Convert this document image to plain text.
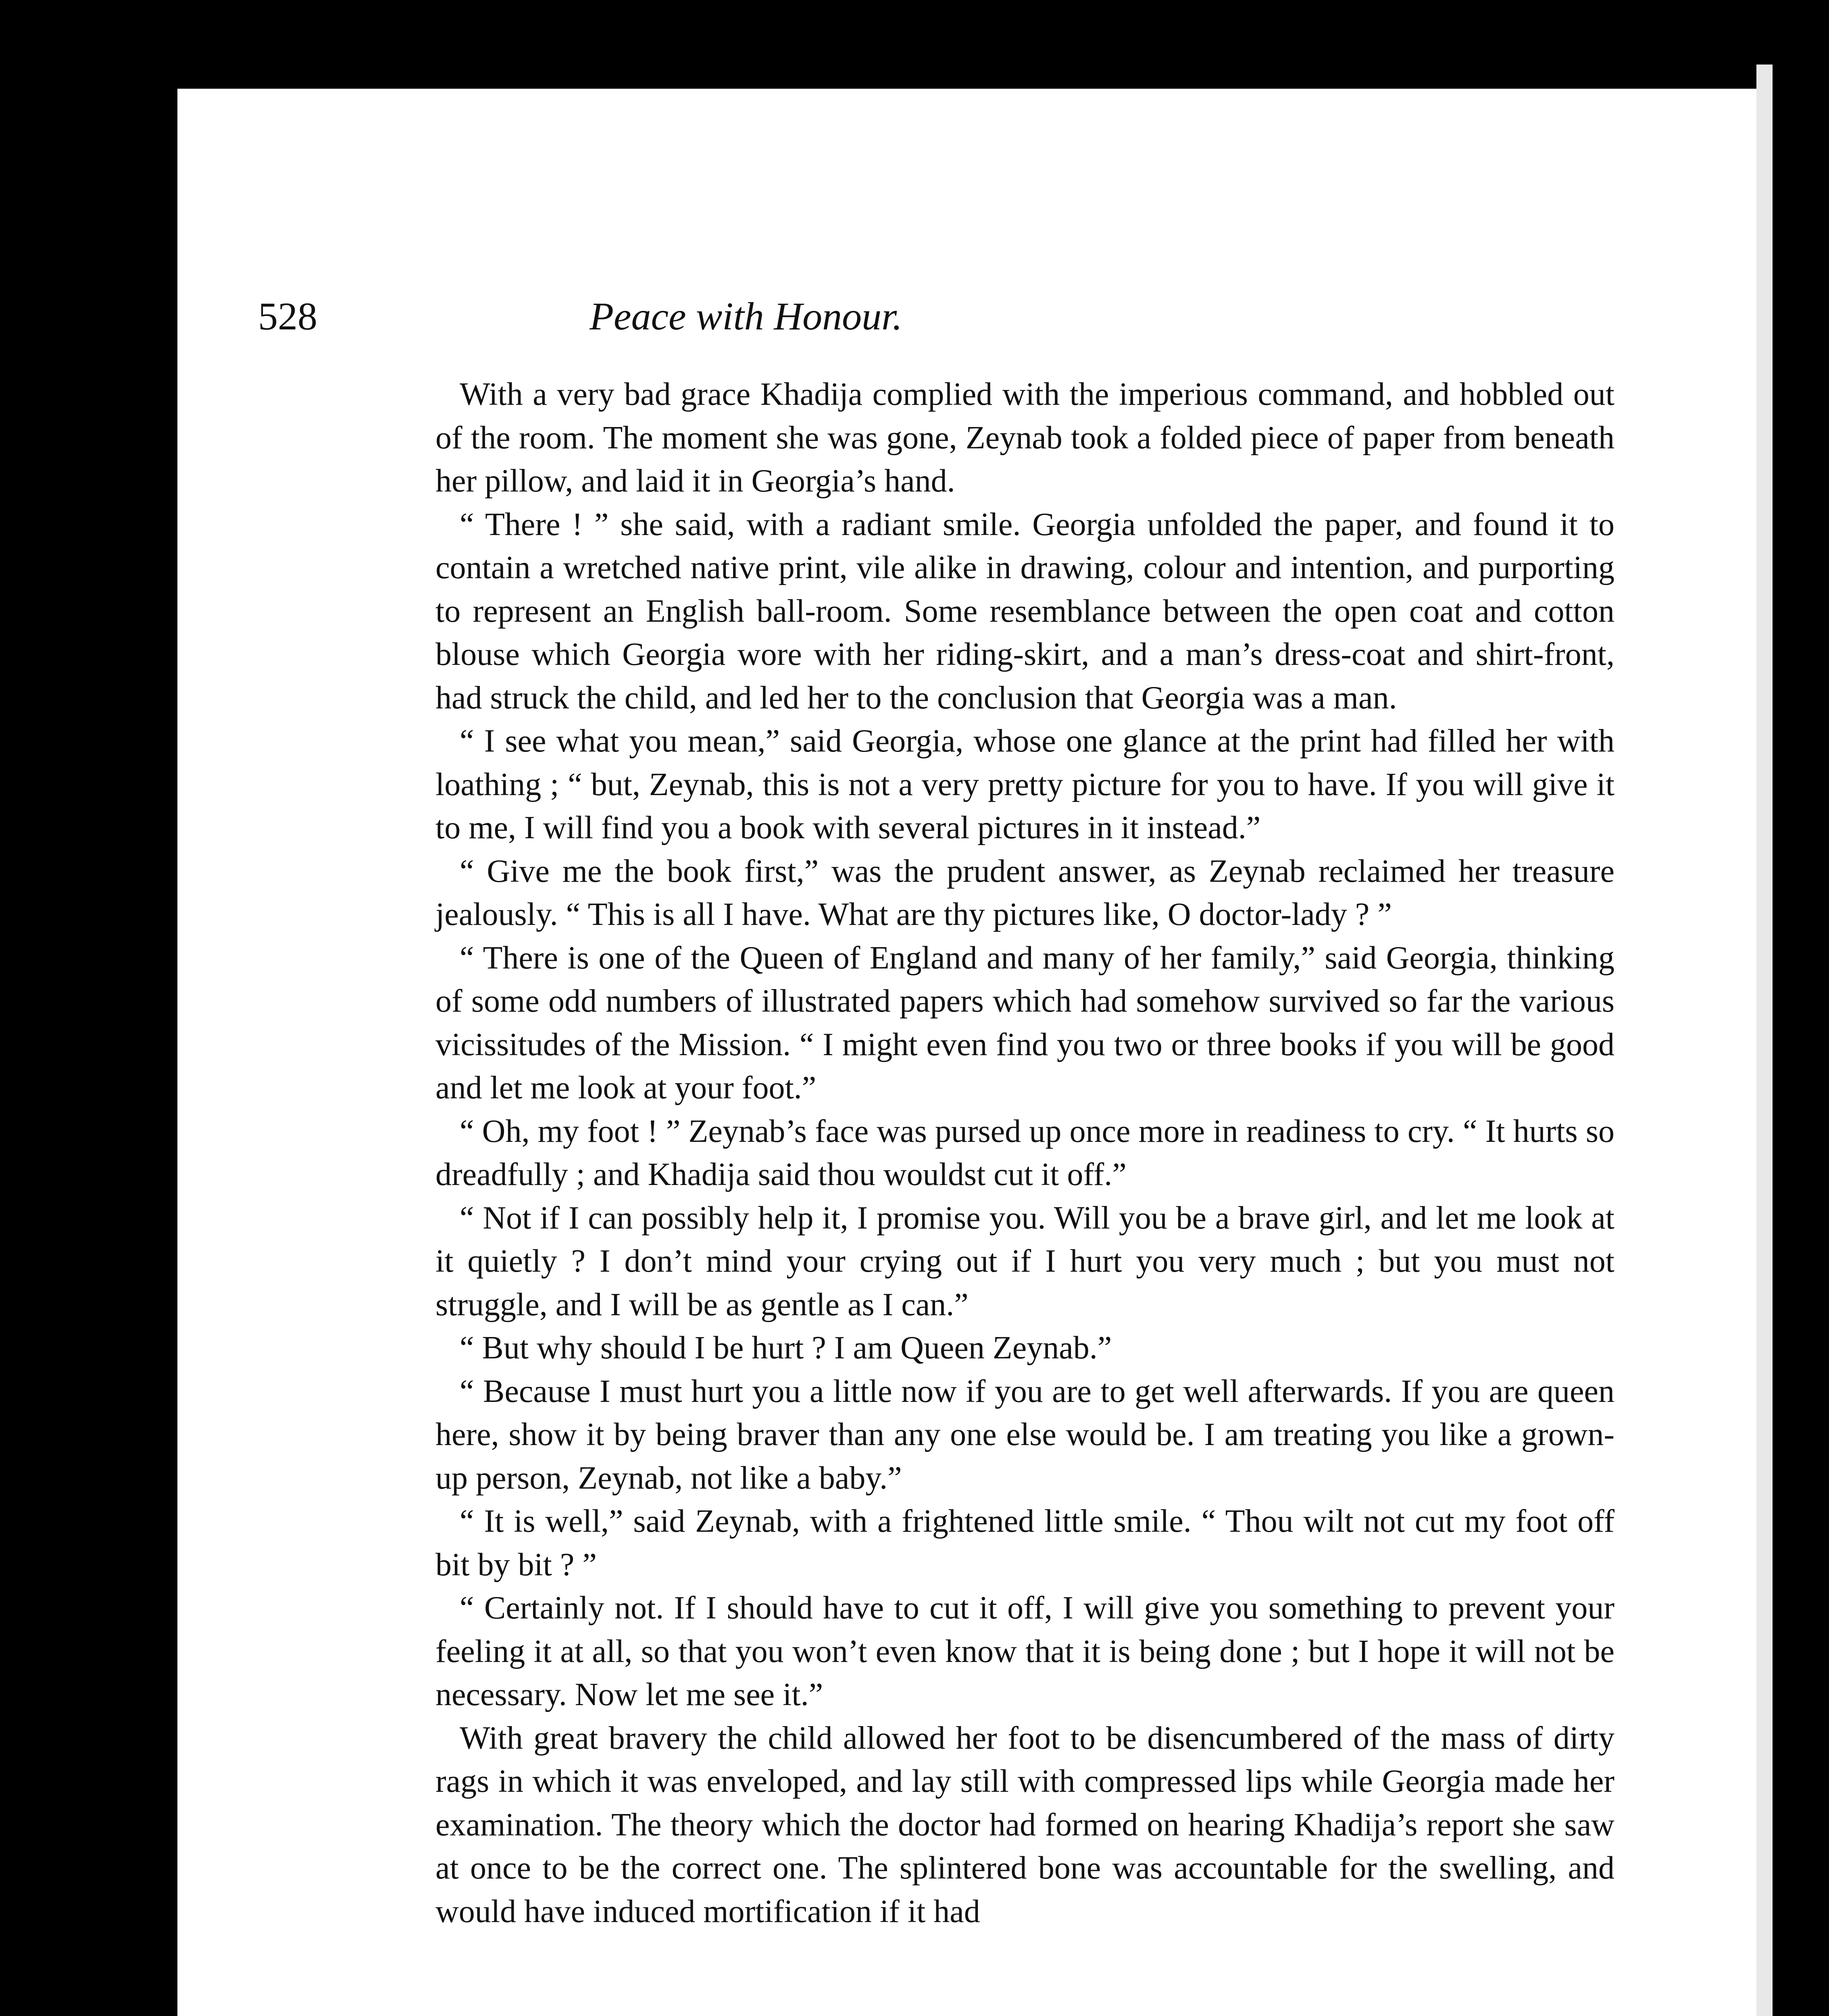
528	Peace with Honour.

With a very bad grace Khadija complied with the imperious command, and hobbled out of the room. The moment she was gone, Zeynab took a folded piece of paper from beneath her pillow, and laid it in Georgia’s hand.

“ There ! ” she said, with a radiant smile. Georgia unfolded the paper, and found it to contain a wretched native print, vile alike in drawing, colour and intention, and purporting to represent an English ball-room. Some resemblance between the open coat and cotton blouse which Georgia wore with her riding-skirt, and a man’s dress-coat and shirt-front, had struck the child, and led her to the conclusion that Georgia was a man.

“ I see what you mean,” said Georgia, whose one glance at the print had filled her with loathing ; “ but, Zeynab, this is not a very pretty picture for you to have. If you will give it to me, I will find you a book with several pictures in it instead.”

“ Give me the book first,” was the prudent answer, as Zeynab reclaimed her treasure jealously. “ This is all I have. What are thy pictures like, O doctor-lady ? ”

“ There is one of the Queen of England and many of her family,” said Georgia, thinking of some odd numbers of illustrated papers which had somehow survived so far the various vicissitudes of the Mission. “ I might even find you two or three books if you will be good and let me look at your foot.”

“ Oh, my foot ! ” Zeynab’s face was pursed up once more in readiness to cry. “ It hurts so dreadfully ; and Khadija said thou wouldst cut it off.”

“ Not if I can possibly help it, I promise you. Will you be a brave girl, and let me look at it quietly ? I don’t mind your crying out if I hurt you very much ; but you must not struggle, and I will be as gentle as I can.”

“ But why should I be hurt ? I am Queen Zeynab.”

“ Because I must hurt you a little now if you are to get well afterwards. If you are queen here, show it by being braver than any one else would be. I am treating you like a grown-up person, Zeynab, not like a baby.”

“ It is well,” said Zeynab, with a frightened little smile. “ Thou wilt not cut my foot off bit by bit ? ”

“ Certainly not. If I should have to cut it off, I will give you something to prevent your feeling it at all, so that you won’t even know that it is being done ; but I hope it will not be necessary. Now let me see it.”

With great bravery the child allowed her foot to be disencumbered of the mass of dirty rags in which it was enveloped, and lay still with compressed lips while Georgia made her examination. The theory which the doctor had formed on hearing Khadija’s report she saw at once to be the correct one. The splintered bone was accountable for the swelling, and would have induced mortification if it had
